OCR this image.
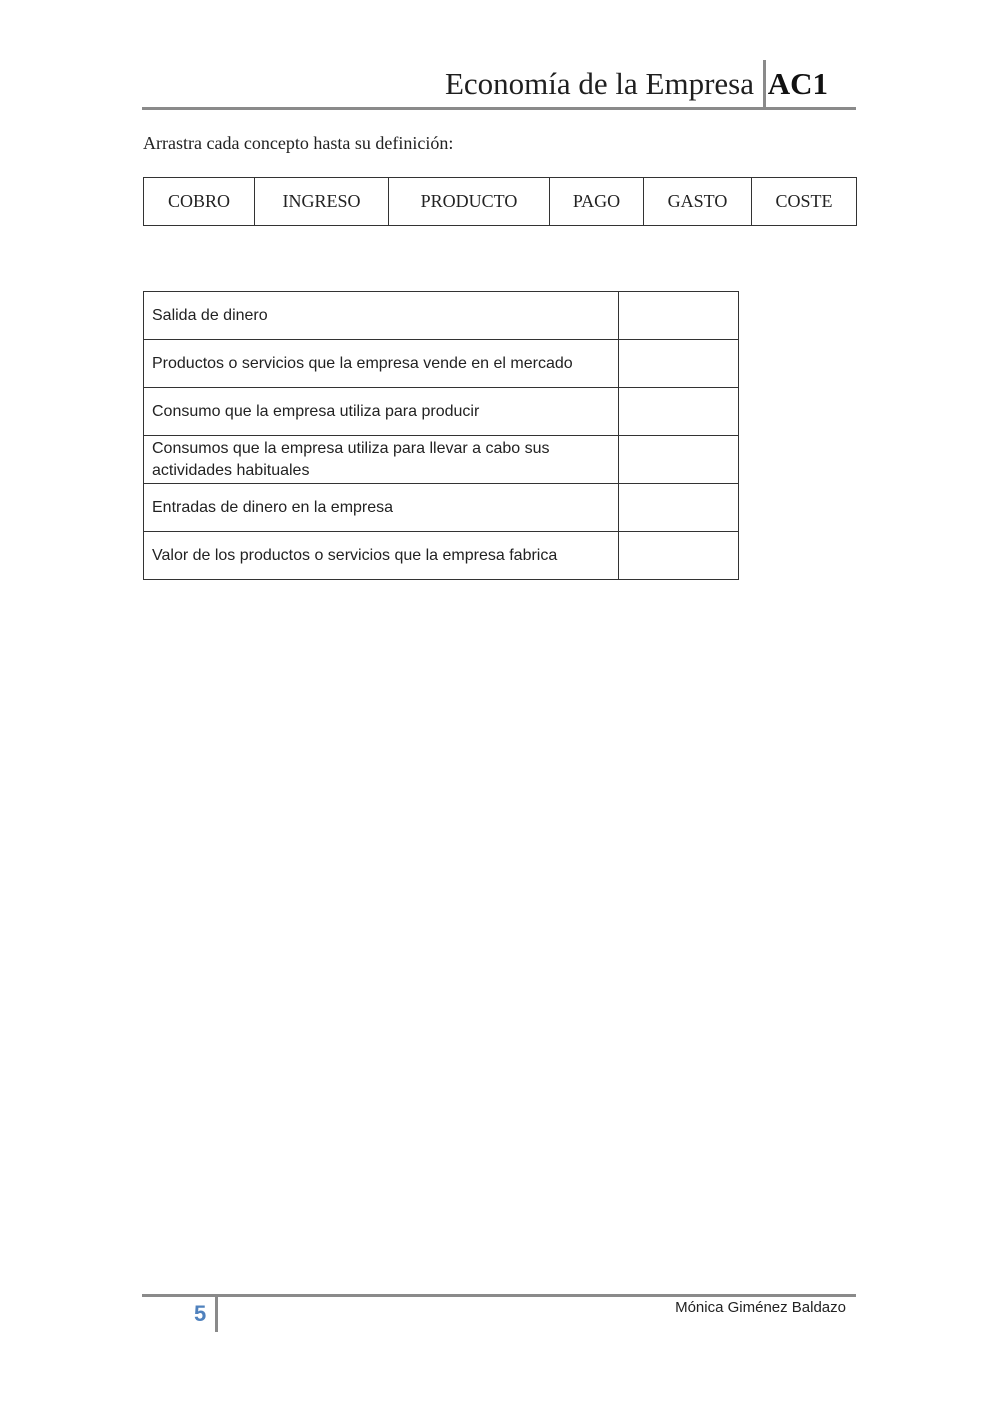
Economía de la Empresa AC1
Arrastra cada concepto hasta su definición:
COBRO	INGRESO	PRODUCTO	PAGO	GASTO	COSTE
Salida de dinero	
Productos o servicios que la empresa vende en el mercado	
Consumo que la empresa utiliza para producir	
Consumos que la empresa utiliza para llevar a cabo sus actividades habituales	
Entradas de dinero en la empresa	
Valor de los productos o servicios que la empresa fabrica	
5	Mónica Giménez Baldazo
